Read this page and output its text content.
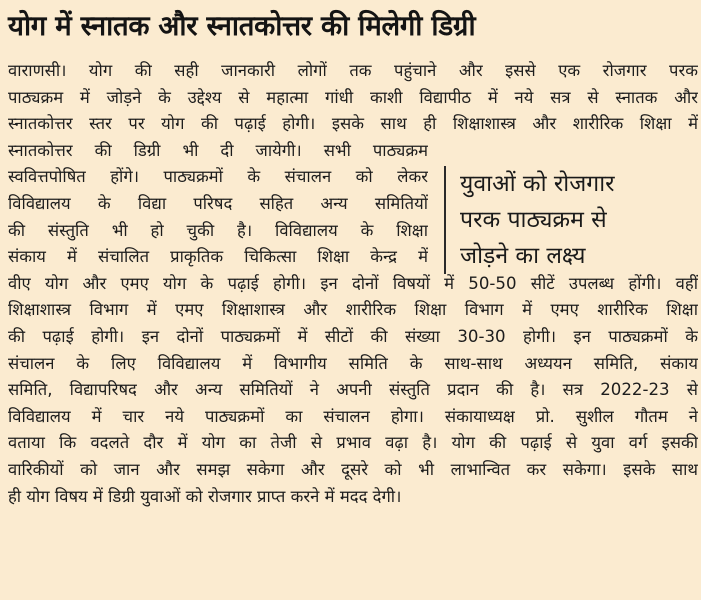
योग में स्नातक और स्नातकोत्तर की मिलेगी डिग्री
वाराणसी। योग की सही जानकारी लोगों तक पहुंचाने और इससे एक रोजगार परक
पाठ्यक्रम में जोड़ने के उद्देश्य से महात्मा गांधी काशी विद्यापीठ में नये सत्र से स्नातक और
स्नातकोत्तर स्तर पर योग की पढ़ाई होगी। इसके साथ ही शिक्षाशास्त्र और शारीरिक शिक्षा में
स्नातकोत्तर की डिग्री भी दी जायेगी। सभी पाठ्यक्रम
स्ववित्तपोषित होंगे। पाठ्यक्रमों के संचालन को लेकर
विविद्यालय के विद्या परिषद सहित अन्य समितियों
की संस्तुति भी हो चुकी है। विविद्यालय के शिक्षा
संकाय में संचालित प्राकृतिक चिकित्सा शिक्षा केन्द्र में
वीए योग और एमए योग के पढ़ाई होगी। इन दोनों विषयों में 50-50 सीटें उपलब्ध होंगी। वहीं
शिक्षाशास्त्र विभाग में एमए शिक्षाशास्त्र और शारीरिक शिक्षा विभाग में एमए शारीरिक शिक्षा
की पढ़ाई होगी। इन दोनों पाठ्यक्रमों में सीटों की संख्या 30-30 होगी। इन पाठ्यक्रमों के
संचालन के लिए विविद्यालय में विभागीय समिति के साथ-साथ अध्ययन समिति, संकाय
समिति, विद्यापरिषद और अन्य समितियों ने अपनी संस्तुति प्रदान की है। सत्र 2022-23 से
विविद्यालय में चार नये पाठ्यक्रमों का संचालन होगा। संकायाध्यक्ष प्रो. सुशील गौतम ने
वताया कि वदलते दौर में योग का तेजी से प्रभाव वढ़ा है। योग की पढ़ाई से युवा वर्ग इसकी
वारिकीयों को जान और समझ सकेगा और दूसरे को भी लाभान्वित कर सकेगा। इसके साथ
ही योग विषय में डिग्री युवाओं को रोजगार प्राप्त करने में मदद देगी।
युवाओं को रोजगार
परक पाठ्यक्रम से
जोड़ने का लक्ष्य
